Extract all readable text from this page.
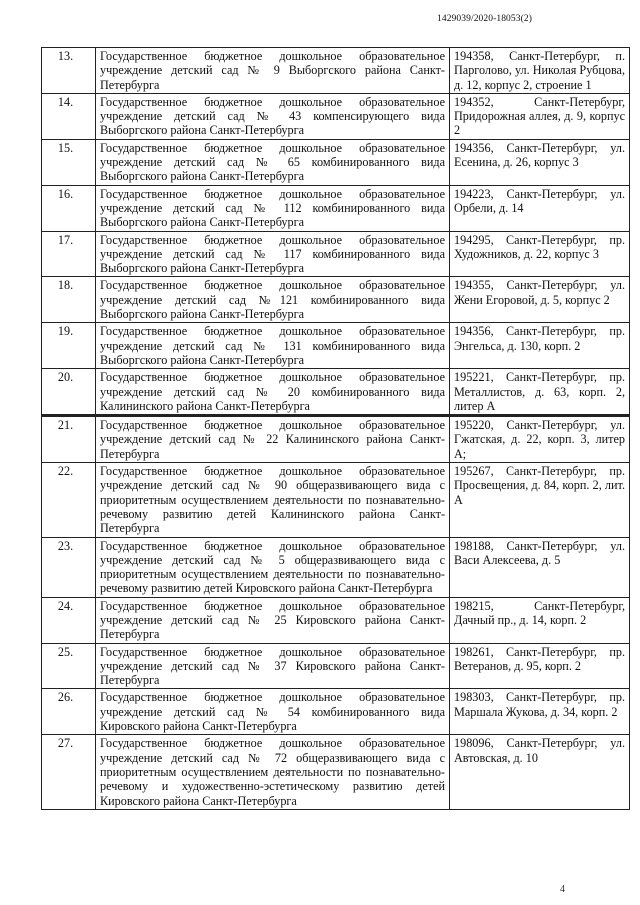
1429039/2020-18053(2)
13.	Государственное бюджетное дошкольное образовательное учреждение детский сад № 9 Выборгского района Санкт-Петербурга	194358, Санкт-Петербург, п. Парголово, ул. Николая Рубцова, д. 12, корпус 2, строение 1
14.	Государственное бюджетное дошкольное образовательное учреждение детский сад № 43 компенсирующего вида Выборгского района Санкт-Петербурга	194352, Санкт-Петербург, Придорожная аллея, д. 9, корпус 2
15.	Государственное бюджетное дошкольное образовательное учреждение детский сад № 65 комбинированного вида Выборгского района Санкт-Петербурга	194356, Санкт-Петербург, ул. Есенина, д. 26, корпус 3
16.	Государственное бюджетное дошкольное образовательное учреждение детский сад № 112 комбинированного вида Выборгского района Санкт-Петербурга	194223, Санкт-Петербург, ул. Орбели, д. 14
17.	Государственное бюджетное дошкольное образовательное учреждение детский сад № 117 комбинированного вида Выборгского района Санкт-Петербурга	194295, Санкт-Петербург, пр. Художников, д. 22, корпус 3
18.	Государственное бюджетное дошкольное образовательное учреждение детский сад №121 комбинированного вида Выборгского района Санкт-Петербурга	194355, Санкт-Петербург, ул. Жени Егоровой, д. 5, корпус 2
19.	Государственное бюджетное дошкольное образовательное учреждение детский сад № 131 комбинированного вида Выборгского района Санкт-Петербурга	194356, Санкт-Петербург, пр. Энгельса, д. 130, корп. 2
20.	Государственное бюджетное дошкольное образовательное учреждение детский сад № 20 комбинированного вида Калининского района Санкт-Петербурга	195221, Санкт-Петербург, пр. Металлистов, д. 63, корп. 2, литер А
21.	Государственное бюджетное дошкольное образовательное учреждение детский сад № 22 Калининского района Санкт-Петербурга	195220, Санкт-Петербург, ул. Гжатская, д. 22, корп. 3, литер А;
22.	Государственное бюджетное дошкольное образовательное учреждение детский сад № 90 общеразвивающего вида с приоритетным осуществлением деятельности по познавательно-речевому развитию детей Калининского района Санкт-Петербурга	195267, Санкт-Петербург, пр. Просвещения, д. 84, корп. 2, лит. А
23.	Государственное бюджетное дошкольное образовательное учреждение детский сад № 5 общеразвивающего вида с приоритетным осуществлением деятельности по познавательно-речевому развитию детей Кировского района Санкт-Петербурга	198188, Санкт-Петербург, ул. Васи Алексеева, д. 5
24.	Государственное бюджетное дошкольное образовательное учреждение детский сад № 25 Кировского района Санкт-Петербурга	198215, Санкт-Петербург, Дачный пр., д. 14, корп. 2
25.	Государственное бюджетное дошкольное образовательное учреждение детский сад № 37 Кировского района Санкт-Петербурга	198261, Санкт-Петербург, пр. Ветеранов, д. 95, корп. 2
26.	Государственное бюджетное дошкольное образовательное учреждение детский сад № 54 комбинированного вида Кировского района Санкт-Петербурга	198303, Санкт-Петербург, пр. Маршала Жукова, д. 34, корп. 2
27.	Государственное бюджетное дошкольное образовательное учреждение детский сад № 72 общеразвивающего вида с приоритетным осуществлением деятельности по познавательно-речевому и художественно-эстетическому развитию детей Кировского района Санкт-Петербурга	198096, Санкт-Петербург, ул. Автовская, д. 10
4
